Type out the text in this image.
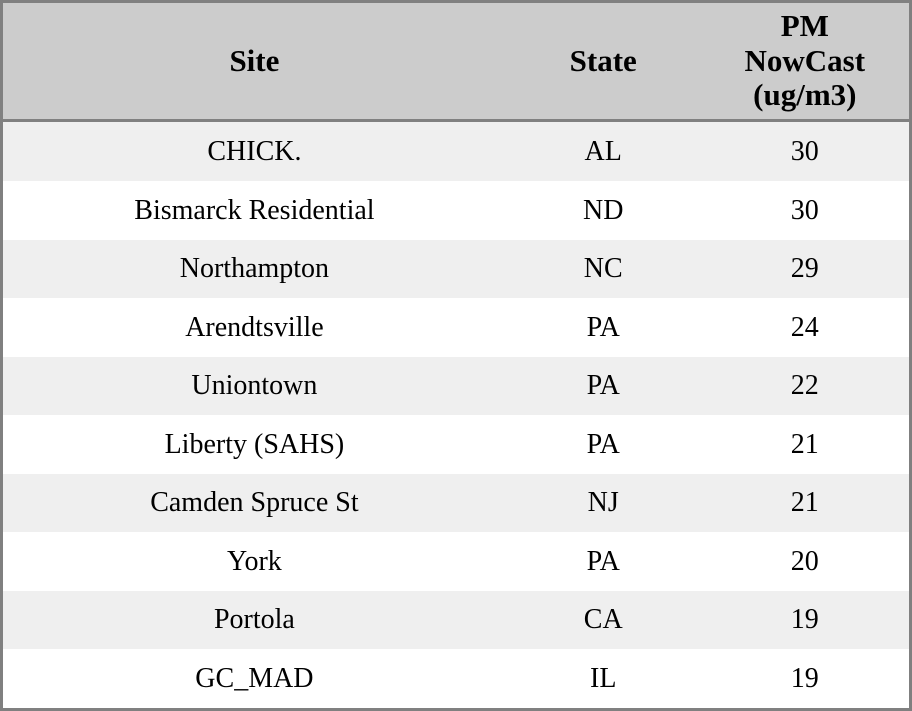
Site	State	PM
NowCast
(ug/m3)

CHICK.	AL	30
Bismarck Residential	ND	30
Northampton	NC	29
Arendtsville	PA	24
Uniontown	PA	22
Liberty (SAHS)	PA	21
Camden Spruce St	NJ	21
York	PA	20
Portola	CA	19
GC_MAD	IL	19
